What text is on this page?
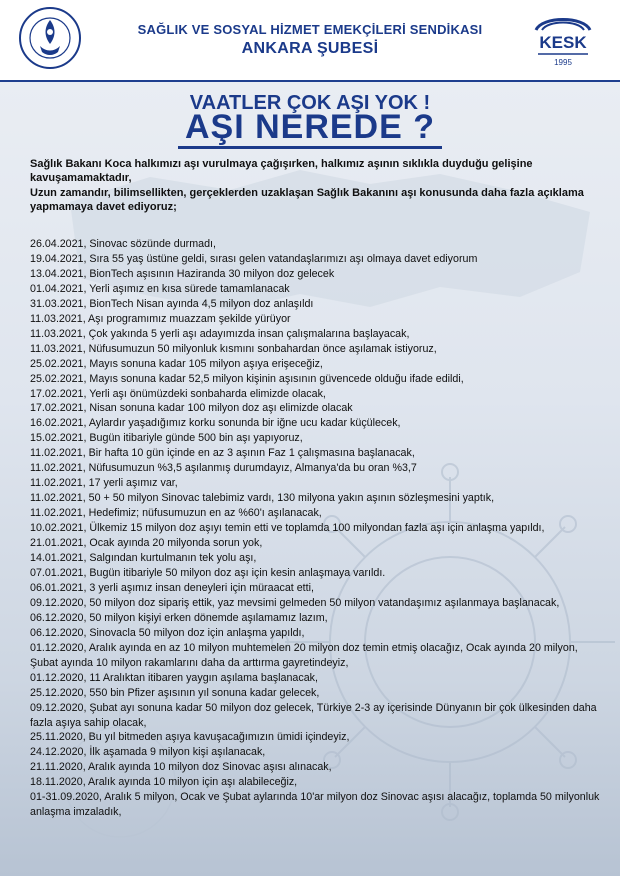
SAĞLIK VE SOSYAL HİZMET EMEKÇİLERİ SENDİKASI
ANKARA ŞUBESİ	KESK
1995
VAATLER ÇOK AŞI YOK !
AŞI NEREDE ?

Sağlık Bakanı Koca halkımızı aşı vurulmaya çağışırken, halkımız aşının sıklıkla duyduğu gelişine kavuşamamaktadır,

Uzun zamandır, bilimsellikten, gerçeklerden uzaklaşan Sağlık Bakanını aşı konusunda daha fazla açıklama yapmamaya davet ediyoruz;

26.04.2021, Sinovac sözünde durmadı,
19.04.2021, Sıra 55 yaş üstüne geldi, sırası gelen vatandaşlarımızı aşı olmaya davet ediyorum
13.04.2021, BionTech aşısının Haziranda 30 milyon doz gelecek
01.04.2021, Yerli aşımız en kısa sürede tamamlanacak
31.03.2021, BionTech Nisan ayında 4,5 milyon doz anlaşıldı
11.03.2021, Aşı programımız muazzam şekilde yürüyor
11.03.2021, Çok yakında 5 yerli aşı adayımızda insan çalışmalarına başlayacak,
11.03.2021, Nüfusumuzun 50 milyonluk kısmını sonbahardan önce aşılamak istiyoruz,
25.02.2021, Mayıs sonuna kadar 105 milyon aşıya erişeceğiz,
25.02.2021, Mayıs sonuna kadar 52,5 milyon kişinin aşısının güvencede olduğu ifade edildi,
17.02.2021, Yerli aşı önümüzdeki sonbaharda elimizde olacak,
17.02.2021, Nisan sonuna kadar 100 milyon doz aşı elimizde olacak
16.02.2021, Aylardır yaşadığımız korku sonunda bir iğne ucu kadar küçülecek,
15.02.2021, Bugün itibariyle günde 500 bin aşı yapıyoruz,
11.02.2021, Bir hafta 10 gün içinde en az 3 aşının Faz 1 çalışmasına başlanacak,
11.02.2021, Nüfusumuzun %3,5 aşılanmış durumdayız, Almanya'da bu oran %3,7
11.02.2021, 17 yerli aşımız var,
11.02.2021, 50 + 50 milyon Sinovac talebimiz vardı, 130 milyona yakın aşının sözleşmesini yaptık,
11.02.2021, Hedefimiz; nüfusumuzun en az %60'ı aşılanacak,
10.02.2021, Ülkemiz 15 milyon doz aşıyı temin etti ve toplamda 100 milyondan fazla aşı için anlaşma yapıldı,
21.01.2021, Ocak ayında 20 milyonda sorun yok,
14.01.2021, Salgından kurtulmanın tek yolu aşı,
07.01.2021, Bugün itibariyle 50 milyon doz aşı için kesin anlaşmaya varıldı.
06.01.2021, 3 yerli aşımız insan deneyleri için müraacat etti,
09.12.2020, 50 milyon doz sipariş ettik, yaz mevsimi gelmeden 50 milyon vatandaşımız aşılanmaya başlanacak,
06.12.2020, 50 milyon kişiyi erken dönemde aşılamamız lazım,
06.12.2020, Sinovacla 50 milyon doz için anlaşma yapıldı,
01.12.2020, Aralık ayında en az 10 milyon muhtemelen 20 milyon doz temin etmiş olacağız, Ocak ayında 20 milyon, Şubat ayında 10 milyon rakamlarını daha da arttırma gayretindeyiz,
01.12.2020, 11 Aralıktan itibaren yaygın aşılama başlanacak,
25.12.2020, 550 bin Pfizer aşısının yıl sonuna kadar gelecek,
09.12.2020, Şubat ayı sonuna kadar 50 milyon doz gelecek, Türkiye 2-3 ay içerisinde Dünyanın bir çok ülkesinden daha fazla aşıya sahip olacak,
25.11.2020, Bu yıl bitmeden aşıya kavuşacağımızın ümidi içindeyiz,
24.12.2020, İlk aşamada 9 milyon kişi aşılanacak,
21.11.2020, Aralık ayında 10 milyon doz Sinovac aşısı alınacak,
18.11.2020, Aralık ayında 10 milyon için aşı alabileceğiz,
01-31.09.2020, Aralık 5 milyon, Ocak ve Şubat aylarında 10'ar milyon doz Sinovac aşısı alacağız, toplamda 50 milyonluk anlaşma imzaladık,
